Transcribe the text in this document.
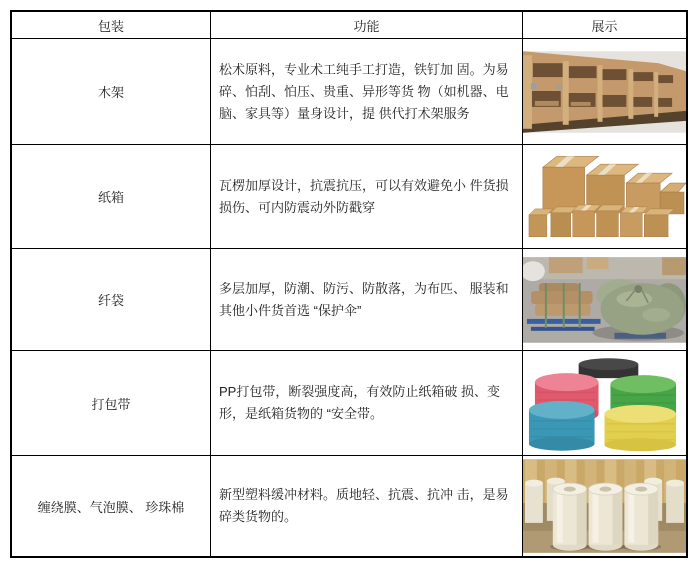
包装	功能	展示
木架
松术原料，专业术工纯手工打造，铁钉加 固。为易碎、怕刮、怕压、贵重、异形等货 物（如机器、电脑、家具等）量身设计，提 供代打术架服务
纸箱
瓦楞加厚设计，抗震抗压，可以有效避免小 件货损损伤、可内防震动外防戳穿
纤袋
多层加厚，防潮、防污、防散落，为布匹、 服装和其他小件货首选 “保护伞”
打包带
PP打包带，断裂强度高，有效防止纸箱破 损、变形，是纸箱货物的 “安全带。
缠绕膜、气泡膜、 珍珠棉
新型塑料缓冲材料。质地轻、抗震、抗冲 击，是易碎类货物的。
